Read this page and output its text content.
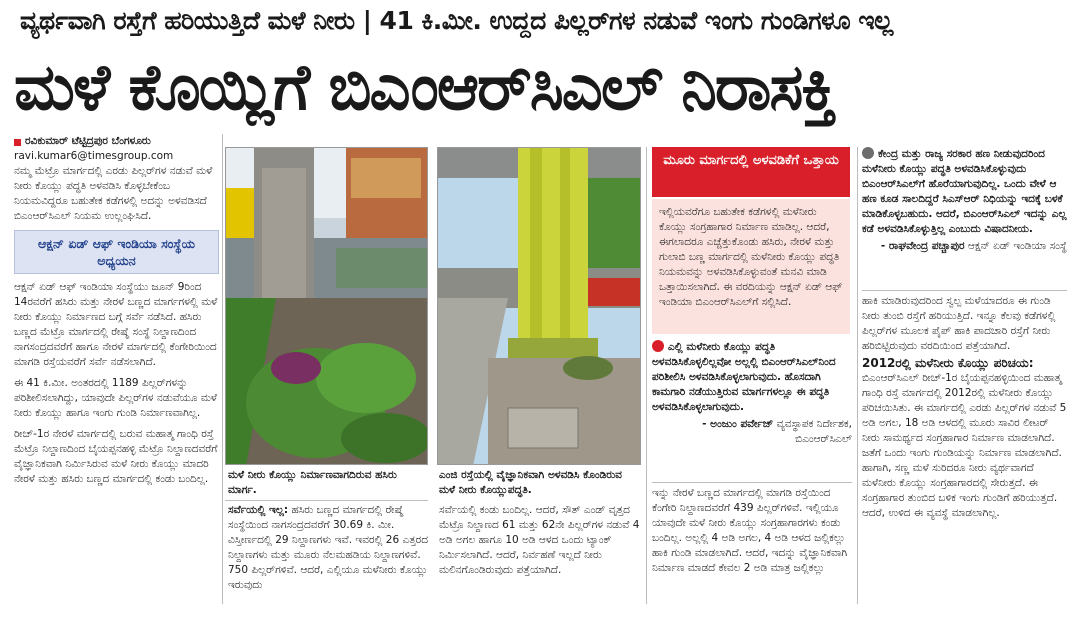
ವ್ಯರ್ಥವಾಗಿ ರಸ್ತೆಗೆ ಹರಿಯುತ್ತಿದೆ ಮಳೆ ನೀರು | 41 ಕಿ.ಮೀ. ಉದ್ದದ ಪಿಲ್ಲರ್‌ಗಳ ನಡುವೆ ಇಂಗು ಗುಂಡಿಗಳೂ ಇಲ್ಲ
ಮಳೆ ಕೊಯ್ಲಿಗೆ ಬಿಎಂಆರ್‌ಸಿಎಲ್ ನಿರಾಸಕ್ತಿ
ರವಿಕುಮಾರ್ ಟೆಟ್ಟಿದ್ರಪುರ ಬೆಂಗಳೂರು
ravi.kumar6@timesgroup.com

ನಮ್ಮ ಮೆಟ್ರೊ ಮಾರ್ಗದಲ್ಲಿ ಎರಡು ಪಿಲ್ಲರ್‌ಗಳ ನಡುವೆ ಮಳೆ ನೀರು ಕೊಯ್ಲು ಪದ್ಧತಿ ಅಳವಡಿಸಿ ಕೊಳ್ಳಬೇಕೆಂಬ ನಿಯಮವಿದ್ದರೂ ಬಹುತೇಕ ಕಡೆಗಳಲ್ಲಿ ಅದನ್ನು ಅಳವಡಿಸದೆ ಬಿಎಂಆರ್‌ಸಿಎಲ್ ನಿಯಮ ಉಲ್ಲಂಘಿಸಿದೆ.

ಆಕ್ಷನ್ ಏಡ್ ಆಫ್ ಇಂಡಿಯಾ ಸಂಸ್ಥೆಯ ಅಧ್ಯಯನ

ಆಕ್ಷನ್ ಏಡ್ ಆಫ್ ಇಂಡಿಯಾ ಸಂಸ್ಥೆಯು ಜೂನ್ 9ರಿಂದ 14ರವರೆಗೆ ಹಸಿರು ಮತ್ತು ನೇರಳೆ ಬಣ್ಣದ ಮಾರ್ಗಗಳಲ್ಲಿ ಮಳೆ ನೀರು ಕೊಯ್ಲು ನಿರ್ಮಾಣದ ಬಗ್ಗೆ ಸರ್ವೆ ನಡೆಸಿದೆ. ಹಸಿರು ಬಣ್ಣದ ಮೆಟ್ರೊ ಮಾರ್ಗದಲ್ಲಿ ರೇಷ್ಮೆ ಸಂಸ್ಥೆ ನಿಲ್ದಾಣದಿಂದ ನಾಗಸಂದ್ರದವರೆಗೆ ಹಾಗೂ ನೇರಳೆ ಮಾರ್ಗದಲ್ಲಿ ಕೆಂಗೇರಿಯಿಂದ ಮಾಗಡಿ ರಸ್ತೆಯವರೆಗೆ ಸರ್ವೆ ನಡೆಸಲಾಗಿದೆ.

ಈ 41 ಕಿ.ಮೀ. ಅಂತರದಲ್ಲಿ 1189 ಪಿಲ್ಲರ್‌ಗಳನ್ನು ಪರಿಶೀಲಿಸಲಾಗಿದ್ದು, ಯಾವುದೇ ಪಿಲ್ಲರ್‌ಗಳ ನಡುವೆಯೂ ಮಳೆ ನೀರು ಕೊಯ್ಲು ಹಾಗೂ ಇಂಗು ಗುಂಡಿ ನಿರ್ಮಾಣವಾಗಿಲ್ಲ.

ರೀಚ್-1ರ ನೇರಳೆ ಮಾರ್ಗದಲ್ಲಿ ಬರುವ ಮಹಾತ್ಮ ಗಾಂಧಿ ರಸ್ತೆ ಮೆಟ್ರೊ ನಿಲ್ದಾಣದಿಂದ ಬೈಯಪ್ಪನಹಳ್ಳಿ ಮೆಟ್ರೊ ನಿಲ್ದಾಣದವರೆಗೆ ವೈಜ್ಞಾನಿಕವಾಗಿ ನಿರ್ಮಿಸಿರುವ ಮಳೆ ನೀರು ಕೊಯ್ಲು ಮಾದರಿ ನೇರಳೆ ಮತ್ತು ಹಸಿರು ಬಣ್ಣದ ಮಾರ್ಗದಲ್ಲಿ ಕಂಡು ಬಂದಿಲ್ಲ.	ಮಳೆ ನೀರು ಕೊಯ್ಲು ನಿರ್ಮಾಣವಾಗದಿರುವ ಹಸಿರು ಮಾರ್ಗ.
ಎಂಜಿ ರಸ್ತೆಯಲ್ಲಿ ವೈಜ್ಞಾನಿಕವಾಗಿ ಅಳವಡಿಸಿ ಕೊಂಡಿರುವ ಮಳೆ ನೀರು ಕೊಯ್ಲುಪದ್ಧತಿ.
ಸರ್ವೆಯಲ್ಲಿ ಇಲ್ಲ: ಹಸಿರು ಬಣ್ಣದ ಮಾರ್ಗದಲ್ಲಿ ರೇಷ್ಮೆ ಸಂಸ್ಥೆಯಿಂದ ನಾಗಸಂದ್ರದವರೆಗೆ 30.69 ಕಿ. ಮೀ. ವಿಸ್ತೀರ್ಣದಲ್ಲಿ 29 ನಿಲ್ದಾಣಗಳು ಇವೆ. ಇವರಲ್ಲಿ 26 ಎತ್ತರದ ನಿಲ್ದಾಣಗಳು ಮತ್ತು ಮೂರು ನೆಲಮಹಡಿಯ ನಿಲ್ದಾಣಗಳಿವೆ. 750 ಪಿಲ್ಲರ್‌ಗಳಿವೆ. ಆದರೆ, ಎಲ್ಲಿಯೂ ಮಳೆನೀರು ಕೊಯ್ಲು ಇರುವುದು

ಸರ್ವೆಯಲ್ಲಿ ಕಂಡು ಬಂದಿಲ್ಲ. ಆದರೆ, ಸೌತ್ ಎಂಡ್ ವೃತ್ತದ ಮೆಟ್ರೊ ನಿಲ್ದಾಣದ 61 ಮತ್ತು 62ನೇ ಪಿಲ್ಲರ್‌ಗಳ ನಡುವೆ 4 ಅಡಿ ಅಗಲ ಹಾಗೂ 10 ಅಡಿ ಆಳದ ಒಂದು ಟ್ಯಾಂಕ್ ನಿರ್ಮಿಸಲಾಗಿದೆ. ಆದರೆ, ನಿರ್ವಹಣೆ ಇಲ್ಲದೆ ನೀರು ಮಲಿನಗೊಂಡಿರುವುದು ಪತ್ತೆಯಾಗಿದೆ.

ಮೂರು ಮಾರ್ಗದಲ್ಲಿ ಅಳವಡಿಕೆಗೆ ಒತ್ತಾಯ
ಇಲ್ಲಿಯವರೆಗೂ ಬಹುತೇಕ ಕಡೆಗಳಲ್ಲಿ ಮಳೆನೀರು ಕೊಯ್ಲು ಸಂಗ್ರಹಾಗಾರ ನಿರ್ಮಾಣ ಮಾಡಿಲ್ಲ. ಆದರೆ, ಈಗಲಾದರೂ ಎಚ್ಚೆತ್ತುಕೊಂಡು ಹಸಿರು, ನೇರಳೆ ಮತ್ತು ಗುಲಾಬಿ ಬಣ್ಣ ಮಾರ್ಗದಲ್ಲಿ ಮಳೆನೀರು ಕೊಯ್ಲು ಪದ್ಧತಿ ನಿಯಮವನ್ನು ಅಳವಡಿಸಿಕೊಳ್ಳುವಂತೆ ಮನವಿ ಮಾಡಿ ಒತ್ತಾಯಿಸಲಾಗಿದೆ. ಈ ವರದಿಯನ್ನು ಆಕ್ಷನ್ ಏಡ್ ಆಫ್ ಇಂಡಿಯಾ ಬಿಎಂಆರ್‌ಸಿಎಲ್‌ಗೆ ಸಲ್ಲಿಸಿದೆ.
ಎಲ್ಲಿ ಮಳೆನೀರು ಕೊಯ್ಲು ಪದ್ಧತಿ ಅಳವಡಿಸಿಕೊಳ್ಳಲಿಲ್ಲವೋ ಅಲ್ಲಲ್ಲಿ ಬಿಎಂಆರ್‌ಸಿಎಲ್‌ನಿಂದ ಪರಿಶೀಲಿಸಿ ಅಳವಡಿಸಿಕೊಳ್ಳಲಾಗುವುದು. ಹೊಸದಾಗಿ ಕಾಮಗಾರಿ ನಡೆಯುತ್ತಿರುವ ಮಾರ್ಗಗಳಲ್ಲೂ ಈ ಪದ್ಧತಿ ಅಳವಡಿಸಿಕೊಳ್ಳಲಾಗುವುದು.
- ಅಂಜುಂ ಪರ್ವೇಜ್ ವ್ಯವಸ್ಥಾಪಕ ನಿರ್ದೇಶಕ, ಬಿಎಂಆರ್‌ಸಿಎಲ್

ಇನ್ನು ನೇರಳೆ ಬಣ್ಣದ ಮಾರ್ಗದಲ್ಲಿ ಮಾಗಡಿ ರಸ್ತೆಯಿಂದ ಕೆಂಗೇರಿ ನಿಲ್ದಾಣದವರೆಗೆ 439 ಪಿಲ್ಲರ್‌ಗಳಿವೆ. ಇಲ್ಲಿಯೂ ಯಾವುದೇ ಮಳೆ ನೀರು ಕೊಯ್ಲು ಸಂಗ್ರಹಾಗಾರಗಳು ಕಂಡು ಬಂದಿಲ್ಲ. ಅಲ್ಲಲ್ಲಿ 4 ಅಡಿ ಅಗಲ, 4 ಅಡಿ ಆಳದ ಜಲ್ಲಿಕಲ್ಲು ಹಾಕಿ ಗುಂಡಿ ಮಾಡಲಾಗಿದೆ. ಆದರೆ, ಇದನ್ನು ವೈಜ್ಞಾನಿಕವಾಗಿ ನಿರ್ಮಾಣ ಮಾಡದೆ ಕೇವಲ 2 ಅಡಿ ಮಾತ್ರ ಜಲ್ಲಿಕಲ್ಲು

ಕೇಂದ್ರ ಮತ್ತು ರಾಜ್ಯ ಸರಕಾರ ಹಣ ನೀಡುವುದರಿಂದ ಮಳೆನೀರು ಕೊಯ್ಲು ಪದ್ಧತಿ ಅಳವಡಿಸಿಕೊಳ್ಳುವುದು ಬಿಎಂಆರ್‌ಸಿಎಲ್‌ಗೆ ಹೊರೆಯಾಗುವುದಿಲ್ಲ. ಒಂದು ವೇಳೆ ಆ ಹಣ ಕೂಡ ಸಾಲದಿದ್ದರೆ ಸಿಎಸ್‌ಆರ್ ನಿಧಿಯನ್ನು ಇದಕ್ಕೆ ಬಳಕೆ ಮಾಡಿಕೊಳ್ಳಬಹುದು. ಆದರೆ, ಬಿಎಂಆರ್‌ಸಿಎಲ್ ಇದನ್ನು ಎಲ್ಲ ಕಡೆ ಅಳವಡಿಸಿಕೊಳ್ಳುತ್ತಿಲ್ಲ ಎಂಬುದು ವಿಷಾದನೀಯ.
- ರಾಘವೇಂದ್ರ ಪಚ್ಚಾಪುರ ಆಕ್ಷನ್ ಏಡ್ ಇಂಡಿಯಾ ಸಂಸ್ಥೆ

ಹಾಕಿ ಮಾಡಿರುವುದರಿಂದ ಸ್ವಲ್ಪ ಮಳೆಯಾದರೂ ಈ ಗುಂಡಿ ನೀರು ತುಂಬಿ ರಸ್ತೆಗೆ ಹರಿಯುತ್ತಿದೆ. ಇನ್ನೂ ಕೆಲವು ಕಡೆಗಳಲ್ಲಿ ಪಿಲ್ಲರ್‌ಗಳ ಮೂಲಕ ಪೈಪ್ ಹಾಕಿ ಪಾದಚಾರಿ ರಸ್ತೆಗೆ ನೀರು ಹರಿಬಿಟ್ಟಿರುವುದು ವರದಿಯಿಂದ ಪತ್ತೆಯಾಗಿದೆ.

2012ರಲ್ಲಿ ಮಳೆನೀರು ಕೊಯ್ಲು ಪರಿಚಯ:

ಬಿಎಂಆರ್‌ಸಿಎಲ್ ರೀಚ್-1ರ ಬೈಯಪ್ಪನಹಳ್ಳಿಯಿಂದ ಮಹಾತ್ಮ ಗಾಂಧಿ ರಸ್ತೆ ಮಾರ್ಗದಲ್ಲಿ 2012ರಲ್ಲಿ ಮಳೆನೀರು ಕೊಯ್ಲು ಪರಿಚಯಿಸಿತು. ಈ ಮಾರ್ಗದಲ್ಲಿ ಎರಡು ಪಿಲ್ಲರ್‌ಗಳ ನಡುವೆ 5 ಅಡಿ ಅಗಲ, 18 ಅಡಿ ಆಳದಲ್ಲಿ ಮೂರು ಸಾವಿರ ಲೀಟರ್ ನೀರು ಸಾಮರ್ಥ್ಯದ ಸಂಗ್ರಹಾಗಾರ ನಿರ್ಮಾಣ ಮಾಡಲಾಗಿದೆ. ಜತೆಗೆ ಒಂದು ಇಂಗು ಗುಂಡಿಯನ್ನು ನಿರ್ಮಾಣ ಮಾಡಲಾಗಿದೆ. ಹಾಗಾಗಿ, ಸಣ್ಣ ಮಳೆ ಸುರಿದರೂ ನೀರು ವ್ಯರ್ಥವಾಗದೆ ಮಳೆನೀರು ಕೊಯ್ಲು ಸಂಗ್ರಹಾಗಾರದಲ್ಲಿ ಸೇರುತ್ತದೆ. ಈ ಸಂಗ್ರಹಾಗಾರ ತುಂಬಿದ ಬಳಿಕ ಇಂಗು ಗುಂಡಿಗೆ ಹರಿಯುತ್ತದೆ. ಆದರೆ, ಉಳಿದ ಈ ವ್ಯವಸ್ಥೆ ಮಾಡಲಾಗಿಲ್ಲ.
